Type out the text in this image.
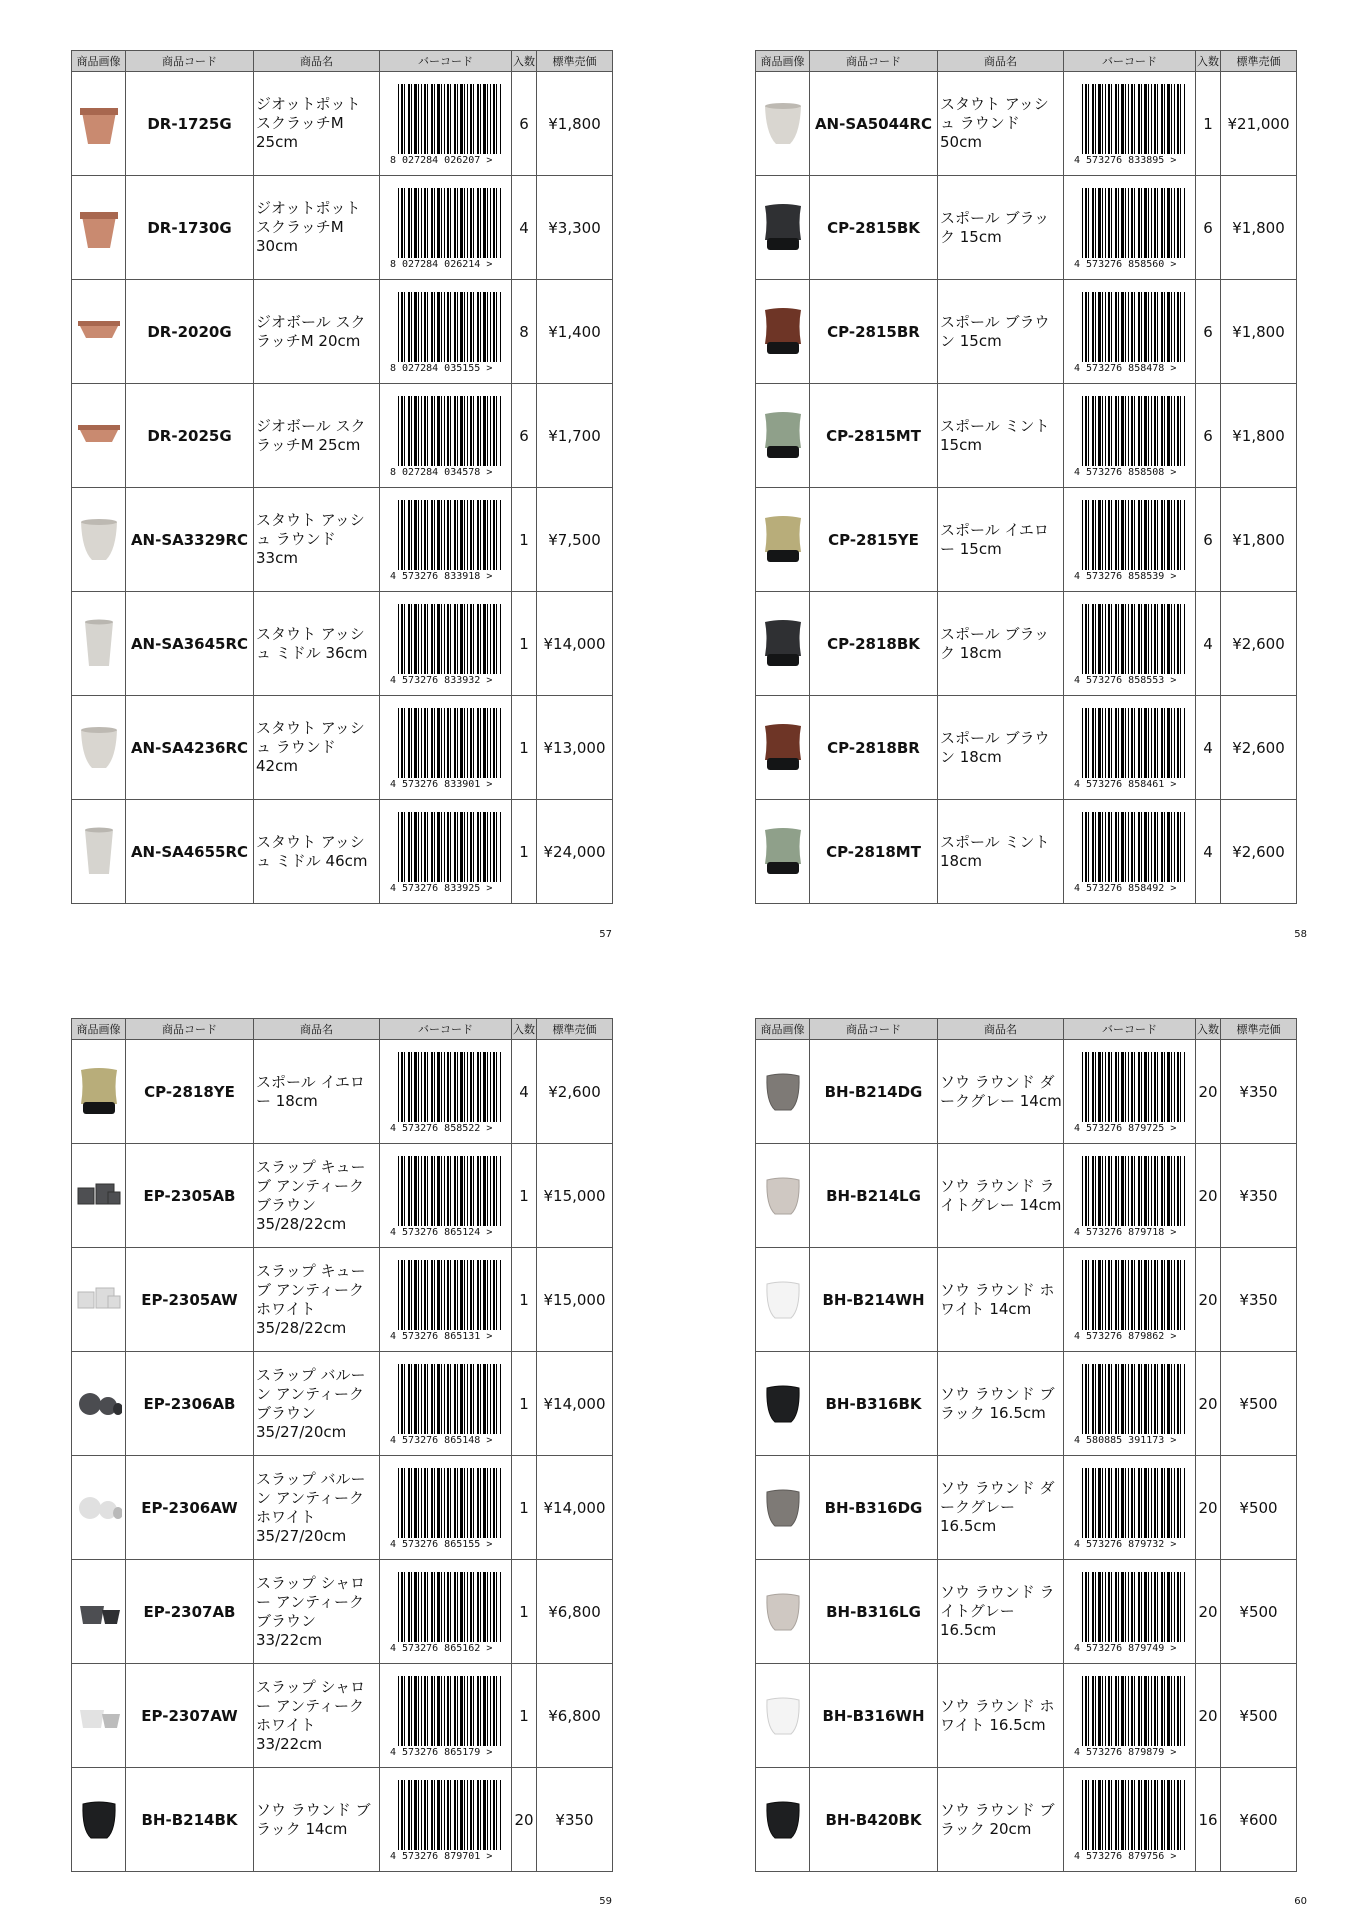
商品画像	商品コード	商品名	バーコード	入数	標準売価
	DR-1725G	ジオットポット スクラッチM 25cm	8 027284 026207 >	6	¥1,800
	DR-1730G	ジオットポット スクラッチM 30cm	8 027284 026214 >	4	¥3,300
	DR-2020G	ジオボール スクラッチM 20cm	8 027284 035155 >	8	¥1,400
	DR-2025G	ジオボール スクラッチM 25cm	8 027284 034578 >	6	¥1,700
	AN-SA3329RC	スタウト アッシュ ラウンド 33cm	4 573276 833918 >	1	¥7,500
	AN-SA3645RC	スタウト アッシュ ミドル 36cm	4 573276 833932 >	1	¥14,000
	AN-SA4236RC	スタウト アッシュ ラウンド 42cm	4 573276 833901 >	1	¥13,000
	AN-SA4655RC	スタウト アッシュ ミドル 46cm	4 573276 833925 >	1	¥24,000
57
商品画像	商品コード	商品名	バーコード	入数	標準売価
	AN-SA5044RC	スタウト アッシュ ラウンド 50cm	4 573276 833895 >	1	¥21,000
	CP-2815BK	スポール ブラック 15cm	4 573276 858560 >	6	¥1,800
	CP-2815BR	スポール ブラウン 15cm	4 573276 858478 >	6	¥1,800
	CP-2815MT	スポール ミント 15cm	4 573276 858508 >	6	¥1,800
	CP-2815YE	スポール イエロー 15cm	4 573276 858539 >	6	¥1,800
	CP-2818BK	スポール ブラック 18cm	4 573276 858553 >	4	¥2,600
	CP-2818BR	スポール ブラウン 18cm	4 573276 858461 >	4	¥2,600
	CP-2818MT	スポール ミント 18cm	4 573276 858492 >	4	¥2,600
58
商品画像	商品コード	商品名	バーコード	入数	標準売価
	CP-2818YE	スポール イエロー 18cm	4 573276 858522 >	4	¥2,600
	EP-2305AB	スラップ キューブ アンティークブラウン 35/28/22cm	4 573276 865124 >	1	¥15,000
	EP-2305AW	スラップ キューブ アンティークホワイト 35/28/22cm	4 573276 865131 >	1	¥15,000
	EP-2306AB	スラップ バルーン アンティークブラウン 35/27/20cm	4 573276 865148 >	1	¥14,000
	EP-2306AW	スラップ バルーン アンティークホワイト 35/27/20cm	4 573276 865155 >	1	¥14,000
	EP-2307AB	スラップ シャロー アンティークブラウン 33/22cm	4 573276 865162 >	1	¥6,800
	EP-2307AW	スラップ シャロー アンティークホワイト 33/22cm	4 573276 865179 >	1	¥6,800
	BH-B214BK	ソウ ラウンド ブラック 14cm	4 573276 879701 >	20	¥350
59
商品画像	商品コード	商品名	バーコード	入数	標準売価
	BH-B214DG	ソウ ラウンド ダークグレー 14cm	4 573276 879725 >	20	¥350
	BH-B214LG	ソウ ラウンド ライトグレー 14cm	4 573276 879718 >	20	¥350
	BH-B214WH	ソウ ラウンド ホワイト 14cm	4 573276 879862 >	20	¥350
	BH-B316BK	ソウ ラウンド ブラック 16.5cm	4 580885 391173 >	20	¥500
	BH-B316DG	ソウ ラウンド ダークグレー 16.5cm	4 573276 879732 >	20	¥500
	BH-B316LG	ソウ ラウンド ライトグレー 16.5cm	4 573276 879749 >	20	¥500
	BH-B316WH	ソウ ラウンド ホワイト 16.5cm	4 573276 879879 >	20	¥500
	BH-B420BK	ソウ ラウンド ブラック 20cm	4 573276 879756 >	16	¥600
60
